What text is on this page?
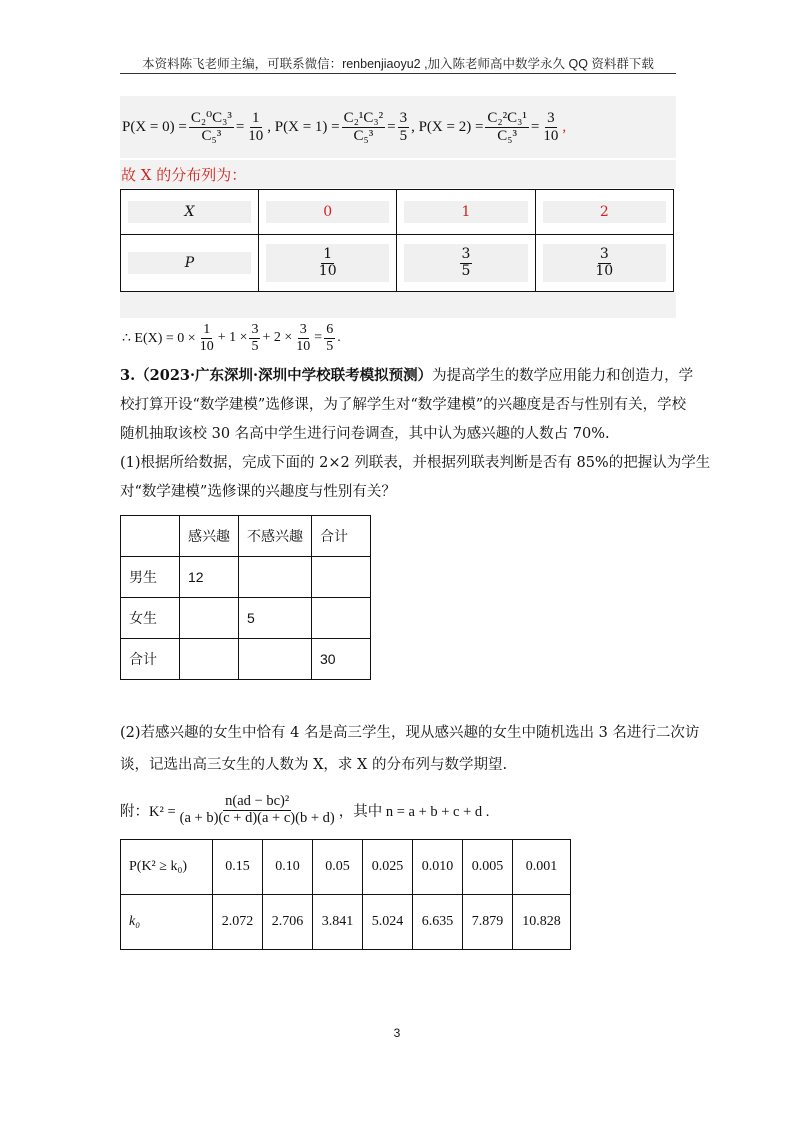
本资料陈飞老师主编，可联系微信：renbenjiaoyu2 ,加入陈老师高中数学永久 QQ 资料群下载
$P(X = 0) = \frac{\text{C₂⁰C₃³}}{\text{C₅³}} = \frac{1}{10}$ , $P(X = 1) = \frac{\text{C₂¹C₃²}}{\text{C₅³}} = \frac{3}{5}$ , $P(X = 2) = \frac{\text{C₂²C₃¹}}{\text{C₅³}} = \frac{3}{10}$ ,
故 X 的分布列为：
X	0	1	2

P	$\frac{1}{10}$	$\frac{3}{5}$	$\frac{3}{10}$
∴ $E(X) = 0 \times \frac{1}{10} + 1 \times \frac{3}{5} + 2 \times \frac{3}{10} = \frac{6}{5}$ .
3.（2023·广东深圳·深圳中学校联考模拟预测）为提高学生的数学应用能力和创造力，学
校打算开设“数学建模”选修课，为了解学生对“数学建模”的兴趣度是否与性别有关，学校
随机抽取该校 30 名高中学生进行问卷调查，其中认为感兴趣的人数占 70%.
(1)根据所给数据，完成下面的 2×2 列联表，并根据列联表判断是否有 85%的把握认为学生
对“数学建模”选修课的兴趣度与性别有关？
	感兴趣	不感兴趣	合计
男生	12		
女生		5	
合计			30
(2)若感兴趣的女生中恰有 4 名是高三学生，现从感兴趣的女生中随机选出 3 名进行二次访
谈，记选出高三女生的人数为 X，求 X 的分布列与数学期望.
附：$K^2 = \frac{\text{n(ad − bc)²}}{(a + b)(c + d)(a + c)(b + d)}$ ，其中 n = a + b + c + d .
P(K² ≥ k₀)	0.15	0.10	0.05	0.025	0.010	0.005	0.001
k₀	2.072	2.706	3.841	5.024	6.635	7.879	10.828
3
